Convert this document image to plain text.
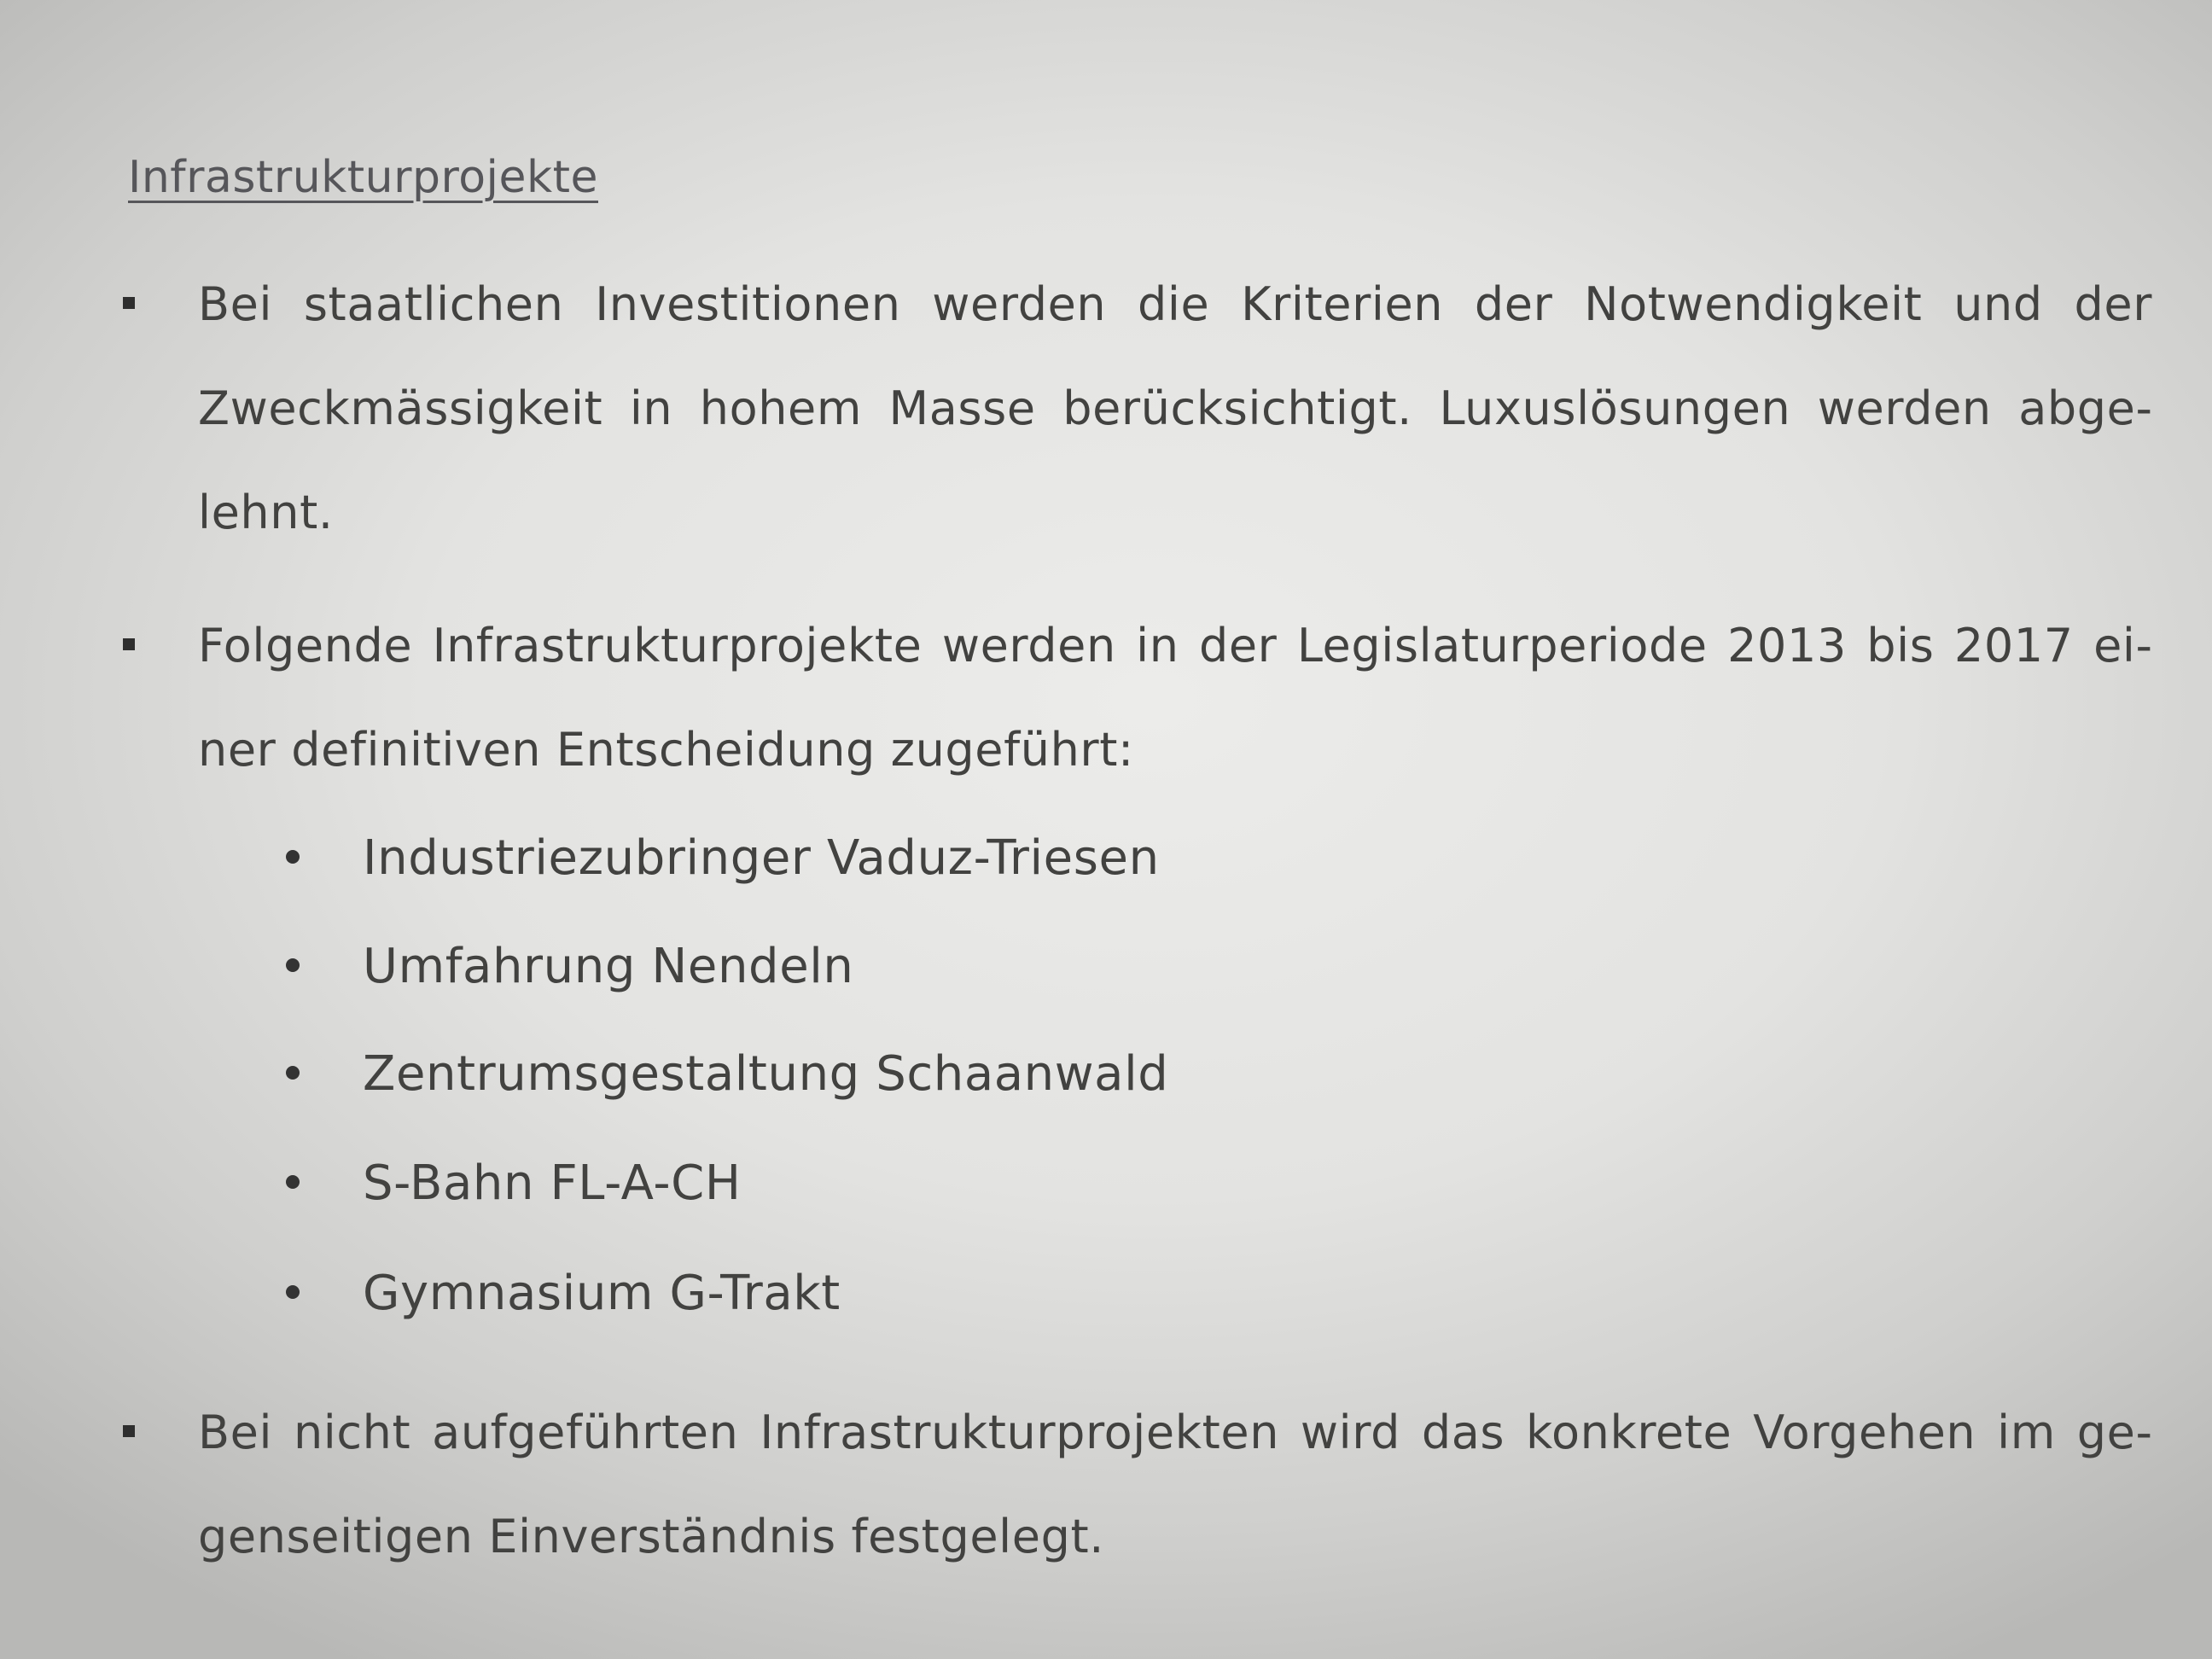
Infrastrukturprojekte
Bei staatlichen Investitionen werden die Kriterien der Notwendigkeit und der Zweckmässigkeit in hohem Masse berücksichtigt. Luxuslösungen werden abgelehnt.
Folgende Infrastrukturprojekte werden in der Legislaturperiode 2013 bis 2017 einer definitiven Entscheidung zugeführt:
Industriezubringer Vaduz-Triesen
Umfahrung Nendeln
Zentrumsgestaltung Schaanwald
S-Bahn FL-A-CH
Gymnasium G-Trakt
Bei nicht aufgeführten Infrastrukturprojekten wird das konkrete Vorgehen im gegenseitigen Einverständnis festgelegt.
